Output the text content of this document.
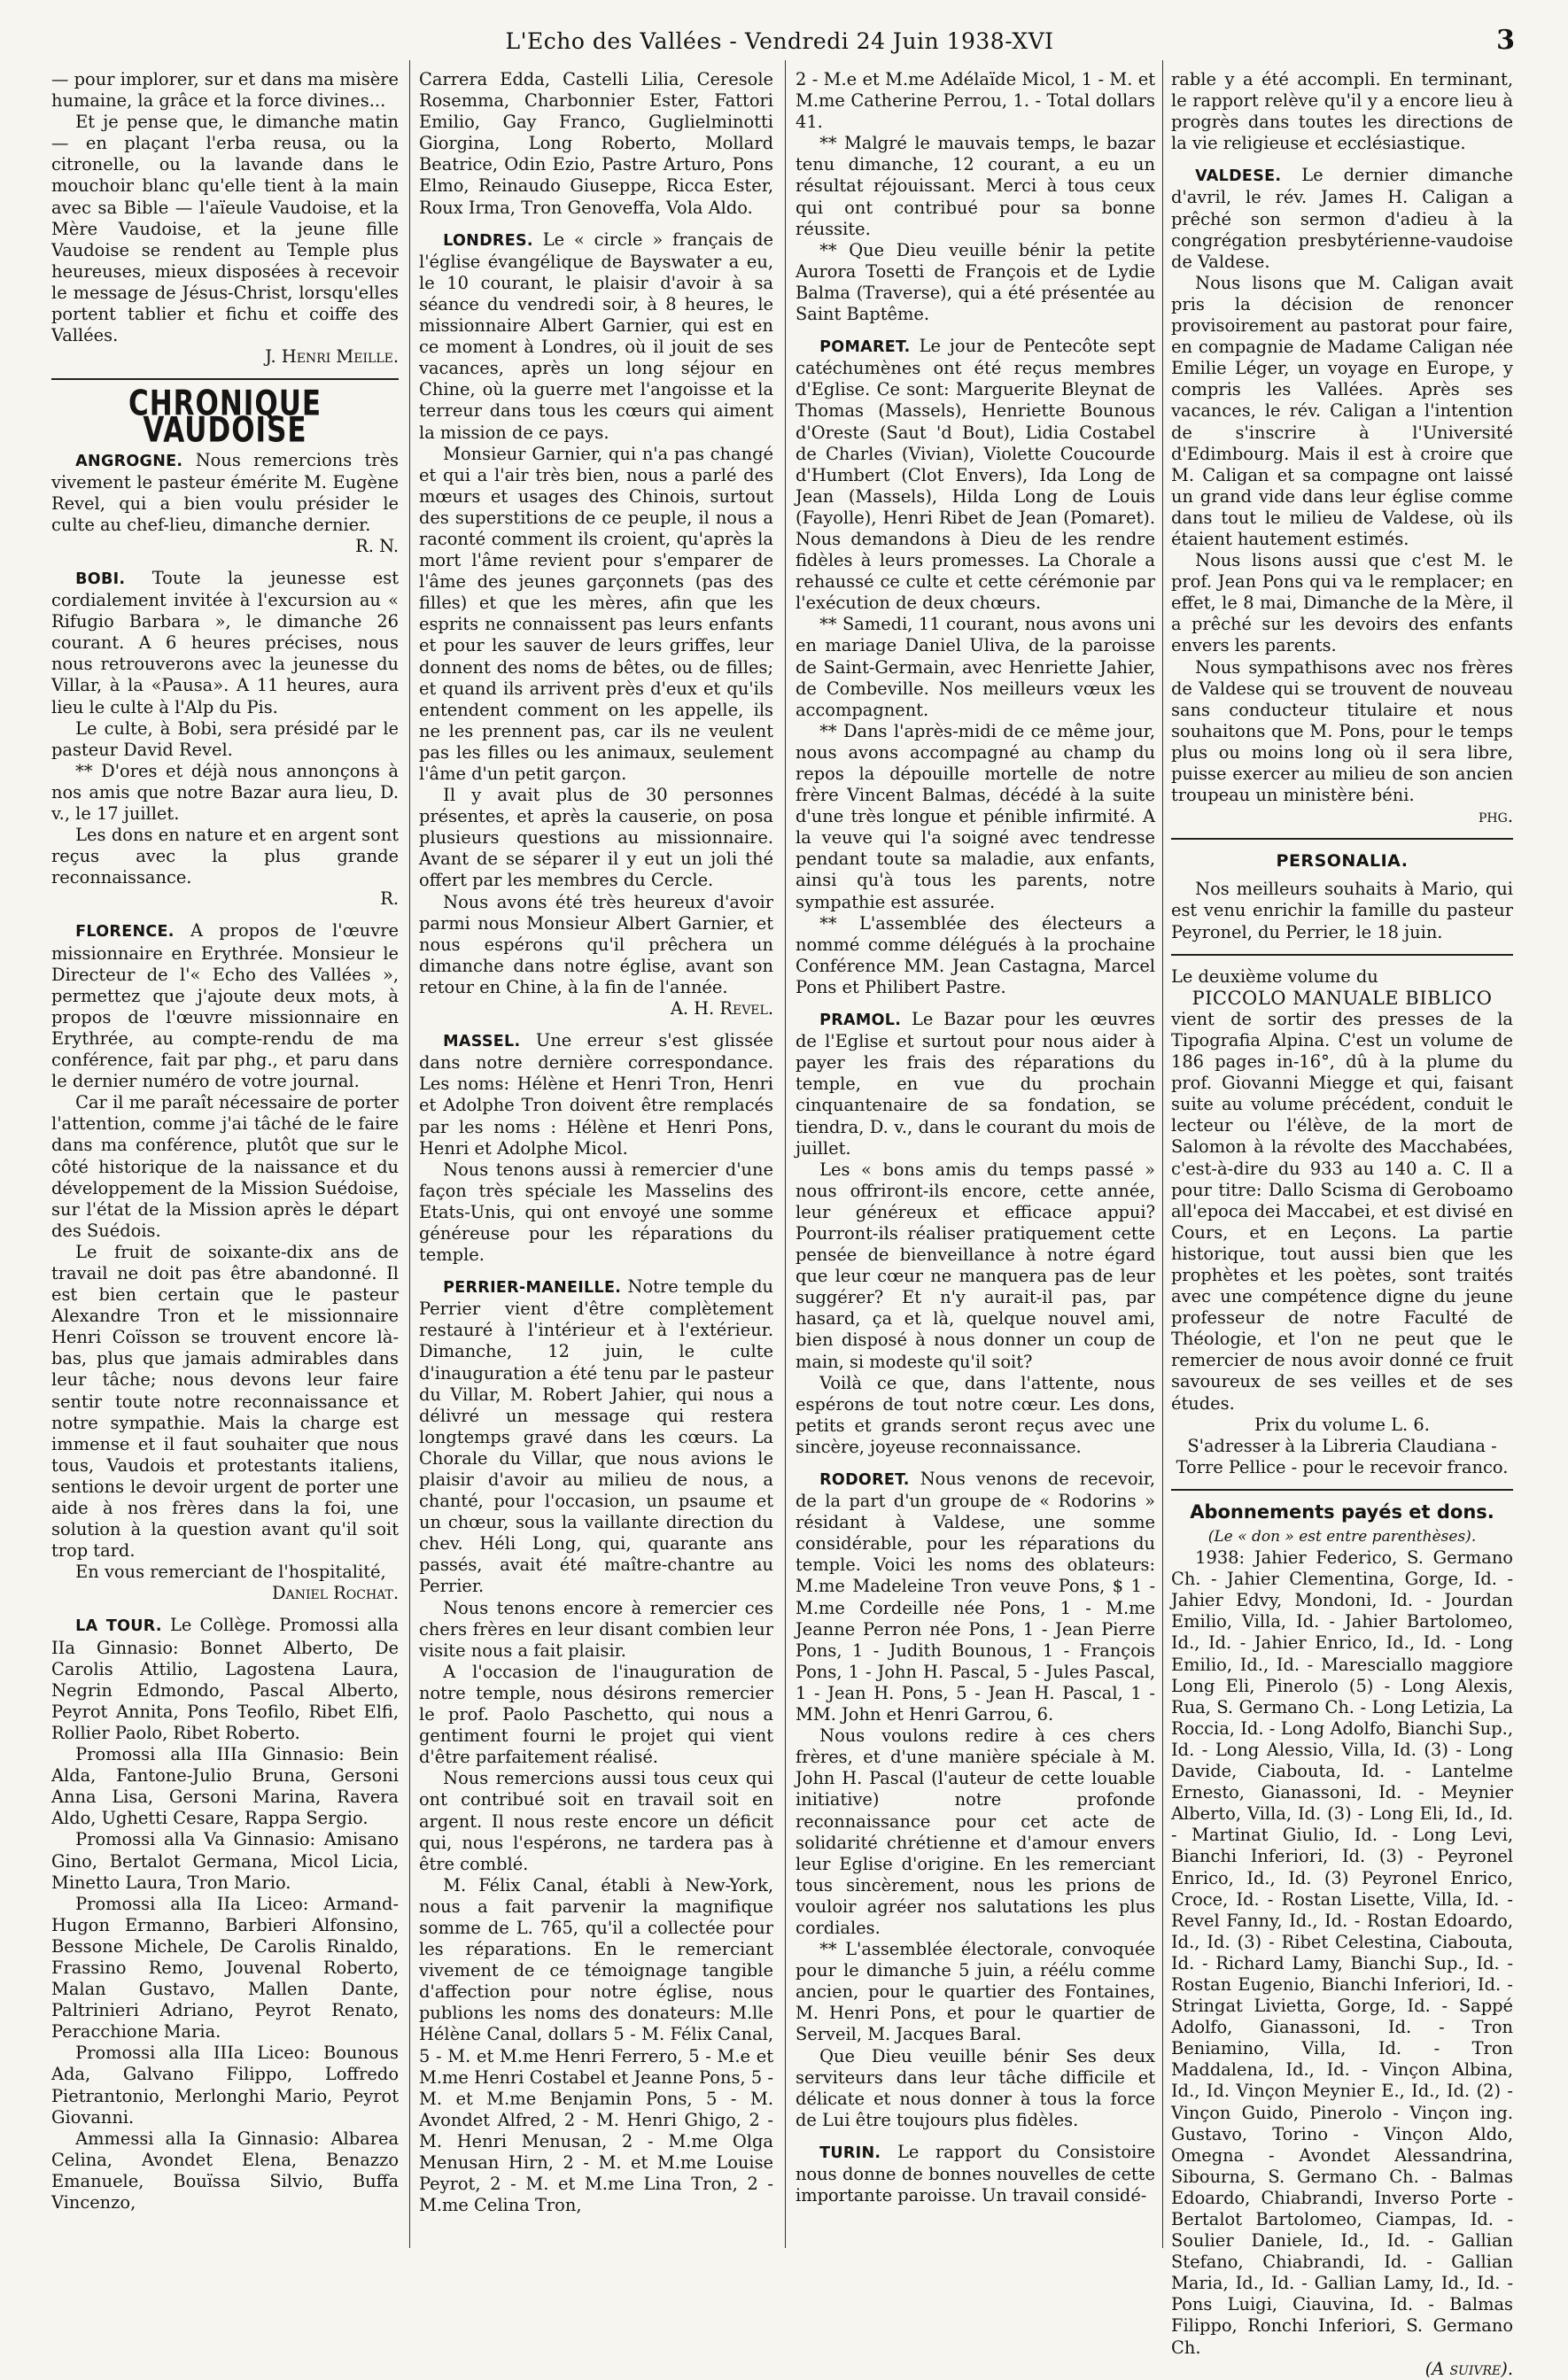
L'Echo des Vallées - Vendredi 24 Juin 1938-XVI	3

— pour implorer, sur et dans ma misère humaine, la grâce et la force divines...

Et je pense que, le dimanche matin — en plaçant l'erba reusa, ou la citronelle, ou la lavande dans le mouchoir blanc qu'elle tient à la main avec sa Bible — l'aïeule Vaudoise, et la Mère Vaudoise, et la jeune fille Vaudoise se rendent au Temple plus heureuses, mieux disposées à recevoir le message de Jésus-Christ, lorsqu'elles portent tablier et fichu et coiffe des Vallées.

J. Henri Meille.

CHRONIQUE VAUDOISE

ANGROGNE. Nous remercions très vivement le pasteur émérite M. Eugène Revel, qui a bien voulu présider le culte au chef-lieu, dimanche dernier.

R. N.

BOBI. Toute la jeunesse est cordialement invitée à l'excursion au « Rifugio Barbara », le dimanche 26 courant. A 6 heures précises, nous nous retrouverons avec la jeunesse du Villar, à la «Pausa». A 11 heures, aura lieu le culte à l'Alp du Pis.

Le culte, à Bobi, sera présidé par le pasteur David Revel.

** D'ores et déjà nous annonçons à nos amis que notre Bazar aura lieu, D. v., le 17 juillet.

Les dons en nature et en argent sont reçus avec la plus grande reconnaissance.

R.

FLORENCE. A propos de l'œuvre missionnaire en Erythrée. Monsieur le Directeur de l'« Echo des Vallées », permettez que j'ajoute deux mots, à propos de l'œuvre missionnaire en Erythrée, au compte-rendu de ma conférence, fait par phg., et paru dans le dernier numéro de votre journal.

Car il me paraît nécessaire de porter l'attention, comme j'ai tâché de le faire dans ma conférence, plutôt que sur le côté historique de la naissance et du développement de la Mission Suédoise, sur l'état de la Mission après le départ des Suédois.

Le fruit de soixante-dix ans de travail ne doit pas être abandonné. Il est bien certain que le pasteur Alexandre Tron et le missionnaire Henri Coïsson se trouvent encore là-bas, plus que jamais admirables dans leur tâche; nous devons leur faire sentir toute notre reconnaissance et notre sympathie. Mais la charge est immense et il faut souhaiter que nous tous, Vaudois et protestants italiens, sentions le devoir urgent de porter une aide à nos frères dans la foi, une solution à la question avant qu'il soit trop tard.

En vous remerciant de l'hospitalité,

Daniel Rochat.

LA TOUR. Le Collège. Promossi alla IIa Ginnasio: Bonnet Alberto, De Carolis Attilio, Lagostena Laura, Negrin Edmondo, Pascal Alberto, Peyrot Annita, Pons Teofilo, Ribet Elfi, Rollier Paolo, Ribet Roberto.

Promossi alla IIIa Ginnasio: Bein Alda, Fantone-Julio Bruna, Gersoni Anna Lisa, Gersoni Marina, Ravera Aldo, Ughetti Cesare, Rappa Sergio.

Promossi alla Va Ginnasio: Amisano Gino, Bertalot Germana, Micol Licia, Minetto Laura, Tron Mario.

Promossi alla IIa Liceo: Armand-Hugon Ermanno, Barbieri Alfonsino, Bessone Michele, De Carolis Rinaldo, Frassino Remo, Jouvenal Roberto, Malan Gustavo, Mallen Dante, Paltrinieri Adriano, Peyrot Renato, Peracchione Maria.

Promossi alla IIIa Liceo: Bounous Ada, Galvano Filippo, Loffredo Pietrantonio, Merlonghi Mario, Peyrot Giovanni.

Ammessi alla Ia Ginnasio: Albarea Celina, Avondet Elena, Benazzo Emanuele, Bouïssa Silvio, Buffa Vincenzo,

Carrera Edda, Castelli Lilia, Ceresole Rosemma, Charbonnier Ester, Fattori Emilio, Gay Franco, Guglielminotti Giorgina, Long Roberto, Mollard Beatrice, Odin Ezio, Pastre Arturo, Pons Elmo, Reinaudo Giuseppe, Ricca Ester, Roux Irma, Tron Genoveffa, Vola Aldo.

LONDRES. Le « circle » français de l'église évangélique de Bayswater a eu, le 10 courant, le plaisir d'avoir à sa séance du vendredi soir, à 8 heures, le missionnaire Albert Garnier, qui est en ce moment à Londres, où il jouit de ses vacances, après un long séjour en Chine, où la guerre met l'angoisse et la terreur dans tous les cœurs qui aiment la mission de ce pays.

Monsieur Garnier, qui n'a pas changé et qui a l'air très bien, nous a parlé des mœurs et usages des Chinois, surtout des superstitions de ce peuple, il nous a raconté comment ils croient, qu'après la mort l'âme revient pour s'emparer de l'âme des jeunes garçonnets (pas des filles) et que les mères, afin que les esprits ne connaissent pas leurs enfants et pour les sauver de leurs griffes, leur donnent des noms de bêtes, ou de filles; et quand ils arrivent près d'eux et qu'ils entendent comment on les appelle, ils ne les prennent pas, car ils ne veulent pas les filles ou les animaux, seulement l'âme d'un petit garçon.

Il y avait plus de 30 personnes présentes, et après la causerie, on posa plusieurs questions au missionnaire. Avant de se séparer il y eut un joli thé offert par les membres du Cercle.

Nous avons été très heureux d'avoir parmi nous Monsieur Albert Garnier, et nous espérons qu'il prêchera un dimanche dans notre église, avant son retour en Chine, à la fin de l'année.

A. H. Revel.

MASSEL. Une erreur s'est glissée dans notre dernière correspondance. Les noms: Hélène et Henri Tron, Henri et Adolphe Tron doivent être remplacés par les noms : Hélène et Henri Pons, Henri et Adolphe Micol.

Nous tenons aussi à remercier d'une façon très spéciale les Masselins des Etats-Unis, qui ont envoyé une somme généreuse pour les réparations du temple.

PERRIER-MANEILLE. Notre temple du Perrier vient d'être complètement restauré à l'intérieur et à l'extérieur. Dimanche, 12 juin, le culte d'inauguration a été tenu par le pasteur du Villar, M. Robert Jahier, qui nous a délivré un message qui restera longtemps gravé dans les cœurs. La Chorale du Villar, que nous avions le plaisir d'avoir au milieu de nous, a chanté, pour l'occasion, un psaume et un chœur, sous la vaillante direction du chev. Héli Long, qui, quarante ans passés, avait été maître-chantre au Perrier.

Nous tenons encore à remercier ces chers frères en leur disant combien leur visite nous a fait plaisir.

A l'occasion de l'inauguration de notre temple, nous désirons remercier le prof. Paolo Paschetto, qui nous a gentiment fourni le projet qui vient d'être parfaitement réalisé.

Nous remercions aussi tous ceux qui ont contribué soit en travail soit en argent. Il nous reste encore un déficit qui, nous l'espérons, ne tardera pas à être comblé.

M. Félix Canal, établi à New-York, nous a fait parvenir la magnifique somme de L. 765, qu'il a collectée pour les réparations. En le remerciant vivement de ce témoignage tangible d'affection pour notre église, nous publions les noms des donateurs: M.lle Hélène Canal, dollars 5 - M. Félix Canal, 5 - M. et M.me Henri Ferrero, 5 - M.e et M.me Henri Costabel et Jeanne Pons, 5 - M. et M.me Benjamin Pons, 5 - M. Avondet Alfred, 2 - M. Henri Ghigo, 2 - M. Henri Menusan, 2 - M.me Olga Menusan Hirn, 2 - M. et M.me Louise Peyrot, 2 - M. et M.me Lina Tron, 2 - M.me Celina Tron,

2 - M.e et M.me Adélaïde Micol, 1 - M. et M.me Catherine Perrou, 1. - Total dollars 41.

** Malgré le mauvais temps, le bazar tenu dimanche, 12 courant, a eu un résultat réjouissant. Merci à tous ceux qui ont contribué pour sa bonne réussite.

** Que Dieu veuille bénir la petite Aurora Tosetti de François et de Lydie Balma (Traverse), qui a été présentée au Saint Baptême.

POMARET. Le jour de Pentecôte sept catéchumènes ont été reçus membres d'Eglise. Ce sont: Marguerite Bleynat de Thomas (Massels), Henriette Bounous d'Oreste (Saut 'd Bout), Lidia Costabel de Charles (Vivian), Violette Coucourde d'Humbert (Clot Envers), Ida Long de Jean (Massels), Hilda Long de Louis (Fayolle), Henri Ribet de Jean (Pomaret). Nous demandons à Dieu de les rendre fidèles à leurs promesses. La Chorale a rehaussé ce culte et cette cérémonie par l'exécution de deux chœurs.

** Samedi, 11 courant, nous avons uni en mariage Daniel Uliva, de la paroisse de Saint-Germain, avec Henriette Jahier, de Combeville. Nos meilleurs vœux les accompagnent.

** Dans l'après-midi de ce même jour, nous avons accompagné au champ du repos la dépouille mortelle de notre frère Vincent Balmas, décédé à la suite d'une très longue et pénible infirmité. A la veuve qui l'a soigné avec tendresse pendant toute sa maladie, aux enfants, ainsi qu'à tous les parents, notre sympathie est assurée.

** L'assemblée des électeurs a nommé comme délégués à la prochaine Conférence MM. Jean Castagna, Marcel Pons et Philibert Pastre.

PRAMOL. Le Bazar pour les œuvres de l'Eglise et surtout pour nous aider à payer les frais des réparations du temple, en vue du prochain cinquantenaire de sa fondation, se tiendra, D. v., dans le courant du mois de juillet.

Les « bons amis du temps passé » nous offriront-ils encore, cette année, leur généreux et efficace appui? Pourront-ils réaliser pratiquement cette pensée de bienveillance à notre égard que leur cœur ne manquera pas de leur suggérer? Et n'y aurait-il pas, par hasard, ça et là, quelque nouvel ami, bien disposé à nous donner un coup de main, si modeste qu'il soit?

Voilà ce que, dans l'attente, nous espérons de tout notre cœur. Les dons, petits et grands seront reçus avec une sincère, joyeuse reconnaissance.

RODORET. Nous venons de recevoir, de la part d'un groupe de « Rodorins » résidant à Valdese, une somme considérable, pour les réparations du temple. Voici les noms des oblateurs: M.me Madeleine Tron veuve Pons, $ 1 - M.me Cordeille née Pons, 1 - M.me Jeanne Perron née Pons, 1 - Jean Pierre Pons, 1 - Judith Bounous, 1 - François Pons, 1 - John H. Pascal, 5 - Jules Pascal, 1 - Jean H. Pons, 5 - Jean H. Pascal, 1 - MM. John et Henri Garrou, 6.

Nous voulons redire à ces chers frères, et d'une manière spéciale à M. John H. Pascal (l'auteur de cette louable initiative) notre profonde reconnaissance pour cet acte de solidarité chrétienne et d'amour envers leur Eglise d'origine. En les remerciant tous sincèrement, nous les prions de vouloir agréer nos salutations les plus cordiales.

** L'assemblée électorale, convoquée pour le dimanche 5 juin, a réélu comme ancien, pour le quartier des Fontaines, M. Henri Pons, et pour le quartier de Serveil, M. Jacques Baral.

Que Dieu veuille bénir Ses deux serviteurs dans leur tâche difficile et délicate et nous donner à tous la force de Lui être toujours plus fidèles.

TURIN. Le rapport du Consistoire nous donne de bonnes nouvelles de cette importante paroisse. Un travail considé-

rable y a été accompli. En terminant, le rapport relève qu'il y a encore lieu à progrès dans toutes les directions de la vie religieuse et ecclésiastique.

VALDESE. Le dernier dimanche d'avril, le rév. James H. Caligan a prêché son sermon d'adieu à la congrégation presbytérienne-vaudoise de Valdese.

Nous lisons que M. Caligan avait pris la décision de renoncer provisoirement au pastorat pour faire, en compagnie de Madame Caligan née Emilie Léger, un voyage en Europe, y compris les Vallées. Après ses vacances, le rév. Caligan a l'intention de s'inscrire à l'Université d'Edimbourg. Mais il est à croire que M. Caligan et sa compagne ont laissé un grand vide dans leur église comme dans tout le milieu de Valdese, où ils étaient hautement estimés.

Nous lisons aussi que c'est M. le prof. Jean Pons qui va le remplacer; en effet, le 8 mai, Dimanche de la Mère, il a prêché sur les devoirs des enfants envers les parents.

Nous sympathisons avec nos frères de Valdese qui se trouvent de nouveau sans conducteur titulaire et nous souhaitons que M. Pons, pour le temps plus ou moins long où il sera libre, puisse exercer au milieu de son ancien troupeau un ministère béni.

phg.

PERSONALIA.

Nos meilleurs souhaits à Mario, qui est venu enrichir la famille du pasteur Peyronel, du Perrier, le 18 juin.

Le deuxième volume du

PICCOLO MANUALE BIBLICO

vient de sortir des presses de la Tipografia Alpina. C'est un volume de 186 pages in-16°, dû à la plume du prof. Giovanni Miegge et qui, faisant suite au volume précédent, conduit le lecteur ou l'élève, de la mort de Salomon à la révolte des Macchabées, c'est-à-dire du 933 au 140 a. C. Il a pour titre: Dallo Scisma di Geroboamo all'epoca dei Maccabei, et est divisé en Cours, et en Leçons. La partie historique, tout aussi bien que les prophètes et les poètes, sont traités avec une compétence digne du jeune professeur de notre Faculté de Théologie, et l'on ne peut que le remercier de nous avoir donné ce fruit savoureux de ses veilles et de ses études.

Prix du volume L. 6.

S'adresser à la Libreria Claudiana - Torre Pellice - pour le recevoir franco.

Abonnements payés et dons.

(Le « don » est entre parenthèses).

1938: Jahier Federico, S. Germano Ch. - Jahier Clementina, Gorge, Id. - Jahier Edvy, Mondoni, Id. - Jourdan Emilio, Villa, Id. - Jahier Bartolomeo, Id., Id. - Jahier Enrico, Id., Id. - Long Emilio, Id., Id. - Maresciallo maggiore Long Eli, Pinerolo (5) - Long Alexis, Rua, S. Germano Ch. - Long Letizia, La Roccia, Id. - Long Adolfo, Bianchi Sup., Id. - Long Alessio, Villa, Id. (3) - Long Davide, Ciabouta, Id. - Lantelme Ernesto, Gianassoni, Id. - Meynier Alberto, Villa, Id. (3) - Long Eli, Id., Id. - Martinat Giulio, Id. - Long Levi, Bianchi Inferiori, Id. (3) - Peyronel Enrico, Id., Id. (3) Peyronel Enrico, Croce, Id. - Rostan Lisette, Villa, Id. - Revel Fanny, Id., Id. - Rostan Edoardo, Id., Id. (3) - Ribet Celestina, Ciabouta, Id. - Richard Lamy, Bianchi Sup., Id. - Rostan Eugenio, Bianchi Inferiori, Id. - Stringat Livietta, Gorge, Id. - Sappé Adolfo, Gianassoni, Id. - Tron Beniamino, Villa, Id. - Tron Maddalena, Id., Id. - Vinçon Albina, Id., Id. Vinçon Meynier E., Id., Id. (2) - Vinçon Guido, Pinerolo - Vinçon ing. Gustavo, Torino - Vinçon Aldo, Omegna - Avondet Alessandrina, Sibourna, S. Germano Ch. - Balmas Edoardo, Chiabrandi, Inverso Porte - Bertalot Bartolomeo, Ciampas, Id. - Soulier Daniele, Id., Id. - Gallian Stefano, Chiabrandi, Id. - Gallian Maria, Id., Id. - Gallian Lamy, Id., Id. - Pons Luigi, Ciauvina, Id. - Balmas Filippo, Ronchi Inferiori, S. Germano Ch.

(A suivre).
